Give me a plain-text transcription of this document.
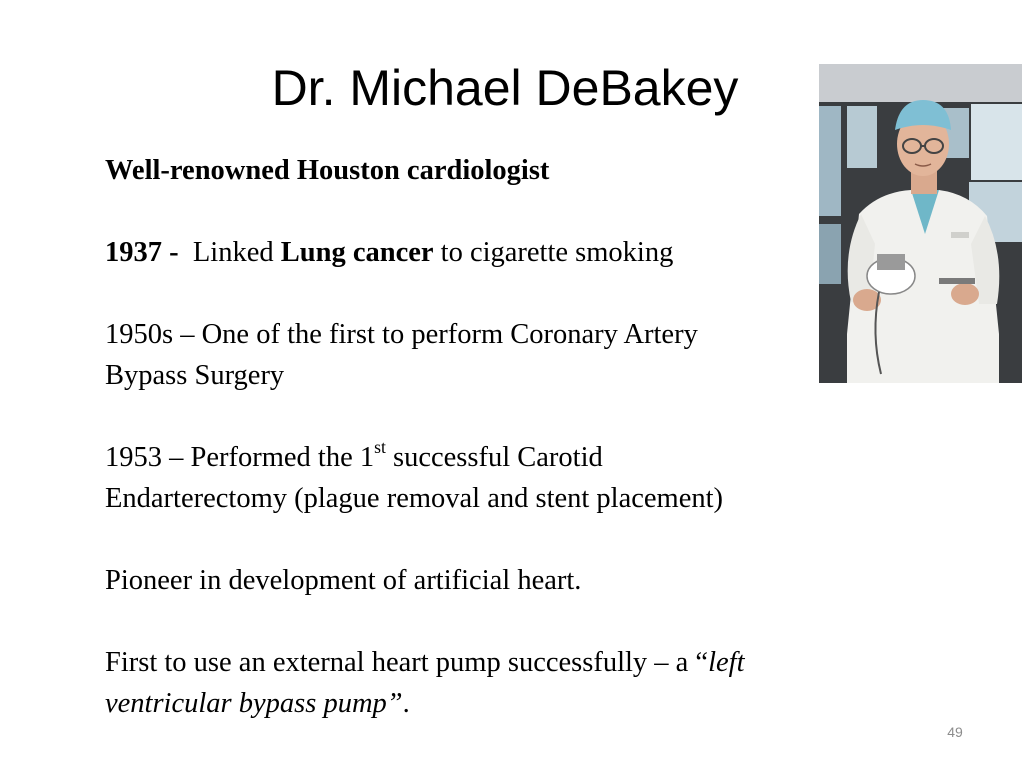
Dr. Michael DeBakey

Well-renowned Houston cardiologist

1937 - Linked Lung cancer to cigarette smoking

1950s – One of the first to perform Coronary Artery

Bypass Surgery

1953 – Performed the 1st successful Carotid

Endarterectomy (plague removal and stent placement)

Pioneer in development of artificial heart.

First to use an external heart pump successfully – a “left

ventricular bypass pump”.

49
